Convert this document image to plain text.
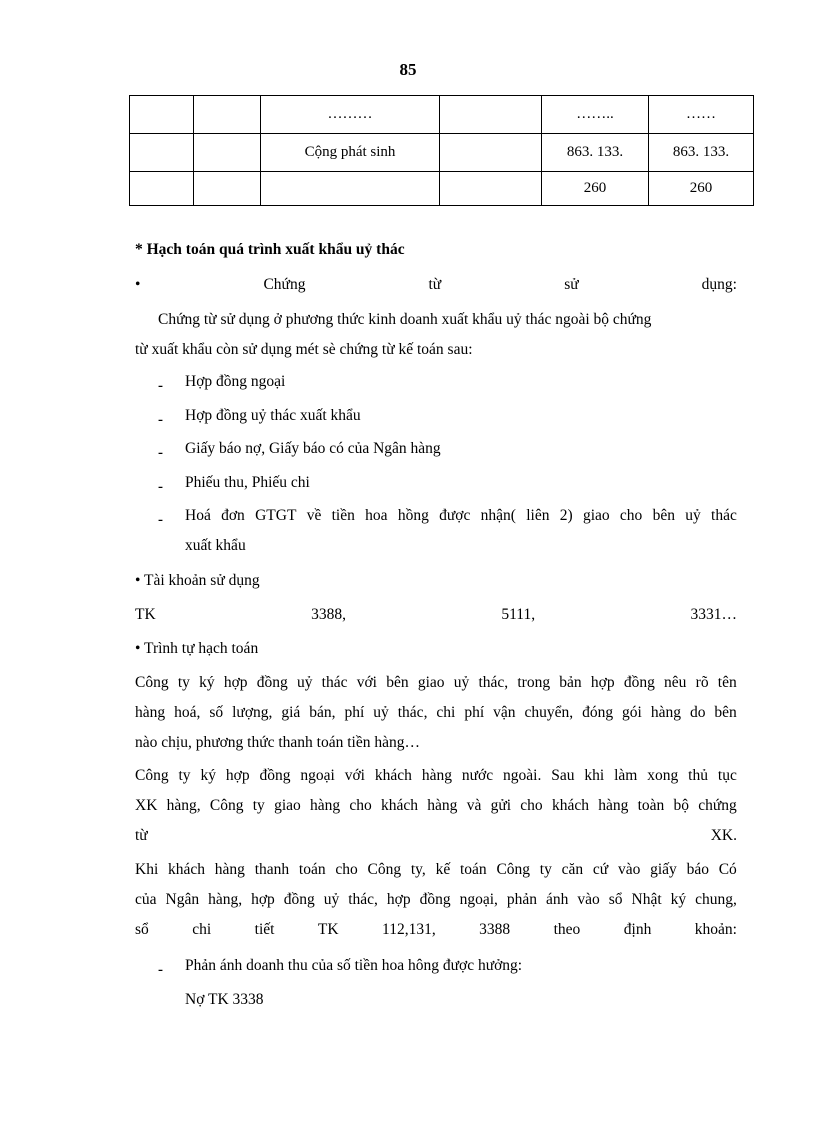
85
		………		……..	……
		Cộng phát sinh		863. 133.	863. 133.
				260	260
* Hạch toán quá trình xuất khẩu uỷ thác
•	Chứng	từ	sử	dụng:
Chứng từ sử dụng ở phương thức kinh doanh xuất khẩu uỷ thác ngoài bộ chứng
từ xuất khẩu còn sử dụng mét sè chứng từ kế toán sau:
- Hợp đồng ngoại
- Hợp đồng uỷ thác xuất khẩu
- Giấy báo nợ, Giấy báo có của Ngân hàng
- Phiếu thu, Phiếu chi
- Hoá đơn GTGT về tiền hoa hồng được nhận( liên 2) giao cho bên uỷ thác
xuất khẩu
• Tài khoản sử dụng
TK	3388,	5111,	3331…
• Trình tự hạch toán
Công ty ký hợp đồng uỷ thác với bên giao uỷ thác, trong bản hợp đồng nêu rõ tên
hàng hoá, số lượng, giá bán, phí uỷ thác, chi phí vận chuyển, đóng gói hàng do bên
nào chịu, phương thức thanh toán tiền hàng…
Công ty ký hợp đồng ngoại với khách hàng nước ngoài. Sau khi làm xong thủ tục
XK hàng, Công ty giao hàng cho khách hàng và gửi cho khách hàng toàn bộ chứng
từ	XK.
Khi khách hàng thanh toán cho Công ty, kế toán Công ty căn cứ vào giấy báo Có
của Ngân hàng, hợp đồng uỷ thác, hợp đồng ngoại, phản ánh vào sổ Nhật ký chung,
sổ	chi	tiết	TK	112,131,	3388	theo	định	khoản:
- Phản ánh doanh thu của số tiền hoa hông được hưởng:
Nợ TK 3338
